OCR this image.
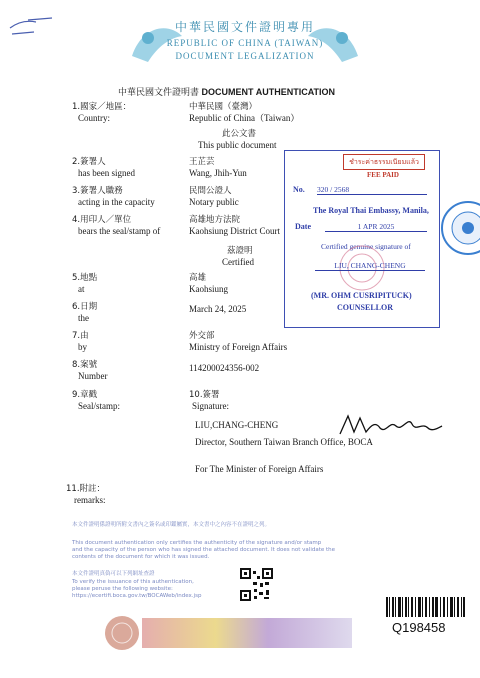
中華民國文件證明專用
REPUBLIC OF CHINA (TAIWAN)
DOCUMENT LEGALIZATION
中華民國文件證明書 DOCUMENT AUTHENTICATION
1.國家／地區：
Country:
中華民國（臺灣）
Republic of China（Taiwan）
此公文書
This public document
2.簽署人
has been signed
王芷芸
Wang, Jhih-Yun
3.簽署人職務
acting in the capacity
民間公證人
Notary public
4.用印人／單位
bears the seal/stamp of
高雄地方法院
Kaohsiung District Court
茲證明
Certified
5.地點
at
高雄
Kaohsiung
6.日期
the
March 24, 2025
7.由
by
外交部
Ministry of Foreign Affairs
8.案號
Number
114200024356-002
9.章戳
Seal/stamp:
10.簽署
Signature:
LIU,CHANG-CHENG
Director, Southern Taiwan Branch Office, BOCA
For The Minister of Foreign Affairs
11.附註：
remarks:
ชำระค่าธรรมเนียมแล้ว
FEE PAID
No. 320 / 2568
The Royal Thai Embassy, Manila,
Date	1 APR 2025
Certified genuine signature of
LIU, CHANG-CHENG
(MR. OHM CUSRIPITUCK)
COUNSELLOR
本文件證明係證明所附文書內之簽名或印鑑屬實，本文書中之內容不在證明之列。
This document authentication only certifies the authenticity of the signature and/or stamp
and the capacity of the person who has signed the attached document. It does not validate the
contents of the document for which it was issued.
本文件證明真偽可以下列網址查證
To verify the issuance of this authentication,
please peruse the following website:
https://ecertifi.boca.gov.tw/BOCAWeb/index.jsp
Q198458
